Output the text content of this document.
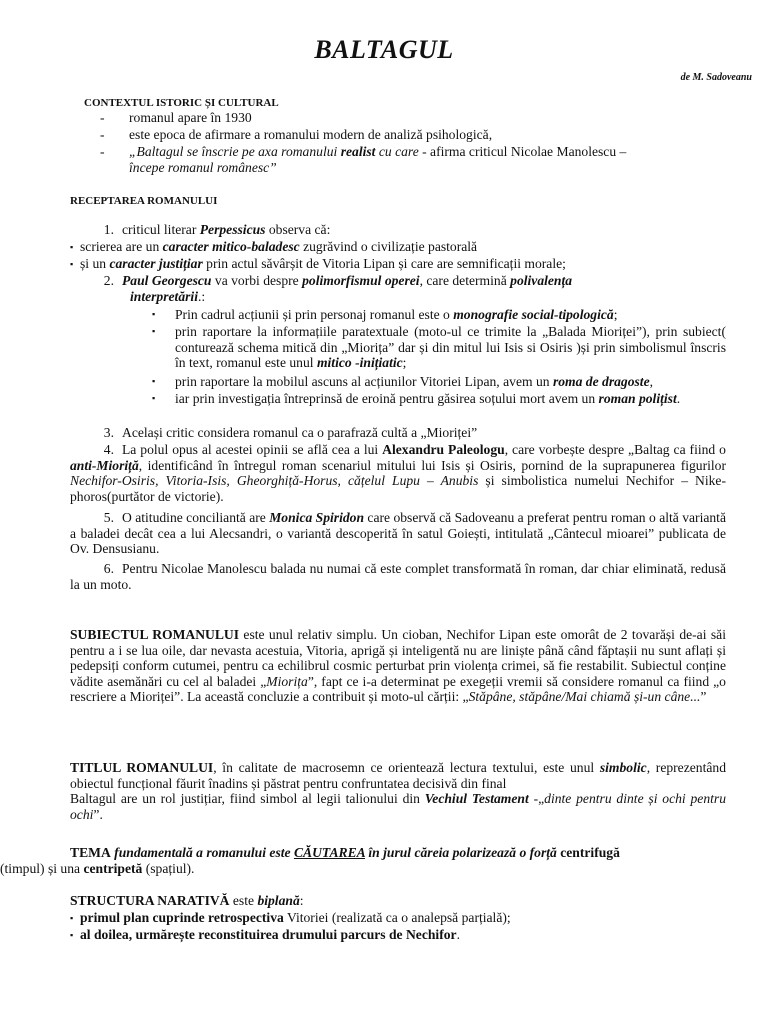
BALTAGUL
de M. Sadoveanu
CONTEXTUL ISTORIC ȘI CULTURAL
- romanul apare în 1930
- este epoca de afirmare a romanului modern de analiză psihologică,
- „Baltagul se înscrie pe axa romanului realist cu care - afirma criticul Nicolae Manolescu –
începe romanul românesc”
RECEPTAREA ROMANULUI
1. criticul literar Perpessicus observa că:
▪ scrierea are un caracter mitico-baladesc zugrăvind o civilizație pastorală
▪ și un caracter justițiar prin actul săvârșit de Vitoria Lipan și care are semnificații morale;
2. Paul Georgescu va vorbi despre polimorfismul operei, care determină polivalența
interpretării.:
▪ Prin cadrul acțiunii și prin personaj romanul este o monografie social-tipologică;
▪ prin raportare la informațiile paratextuale (moto-ul ce trimite la „Balada Mioriței”), prin subiect( conturează schema mitică din „Miorița” dar și din mitul lui Isis si Osiris )și prin simbolismul înscris în text, romanul este unul mitico -inițiatic;
▪ prin raportare la mobilul ascuns al acțiunilor Vitoriei Lipan, avem un roma de dragoste,
▪ iar prin investigația întreprinsă de eroină pentru găsirea soțului mort avem un roman polițist.
3. Același critic considera romanul ca o parafrază cultă a „Mioriței”
4. La polul opus al acestei opinii se află cea a lui Alexandru Paleologu, care vorbește despre „Baltag ca fiind o anti-Mioriță, identificând în întregul roman scenariul mitului lui Isis și Osiris, pornind de la suprapunerea figurilor Nechifor-Osiris, Vitoria-Isis, Gheorghiță-Horus, cățelul Lupu – Anubis și simbolistica numelui Nechifor – Nike-phoros(purtător de victorie).
5. O atitudine conciliantă are Monica Spiridon care observă că Sadoveanu a preferat pentru roman o altă variantă a baladei decât cea a lui Alecsandri, o variantă descoperită în satul Goiești, intitulată „Cântecul mioarei” publicata de Ov. Densusianu.
6. Pentru Nicolae Manolescu balada nu numai că este complet transformată în roman, dar chiar eliminată, redusă la un moto.
SUBIECTUL ROMANULUI este unul relativ simplu. Un cioban, Nechifor Lipan este omorât de 2 tovarăși de-ai săi pentru a i se lua oile, dar nevasta acestuia, Vitoria, aprigă și inteligentă nu are liniște până când făptașii nu sunt aflați și pedepsiți conform cutumei, pentru ca echilibrul cosmic perturbat prin violența crimei, să fie restabilit. Subiectul conține vădite asemănări cu cel al baladei „Miorița”, fapt ce i-a determinat pe exegeții vremii să considere romanul ca fiind „o rescriere a Mioriței”. La această concluzie a contribuit și moto-ul cărții: „Stăpâne, stăpâne/Mai chiamă și-un câne...”
TITLUL ROMANULUI, în calitate de macrosemn ce orientează lectura textului, este unul simbolic, reprezentând obiectul funcțional făurit înadins și păstrat pentru confruntatea decisivă din final
Baltagul are un rol justițiar, fiind simbol al legii talionului din Vechiul Testament -„dinte pentru dinte și ochi pentru ochi”.
TEMA fundamentală a romanului este CĂUTAREA în jurul căreia polarizează o forță centrifugă
(timpul) și una centripetă (spațiul).
STRUCTURA NARATIVĂ este biplană:
▪ primul plan cuprinde retrospectiva Vitoriei (realizată ca o analepsă parțială);
▪ al doilea, urmărește reconstituirea drumului parcurs de Nechifor.
